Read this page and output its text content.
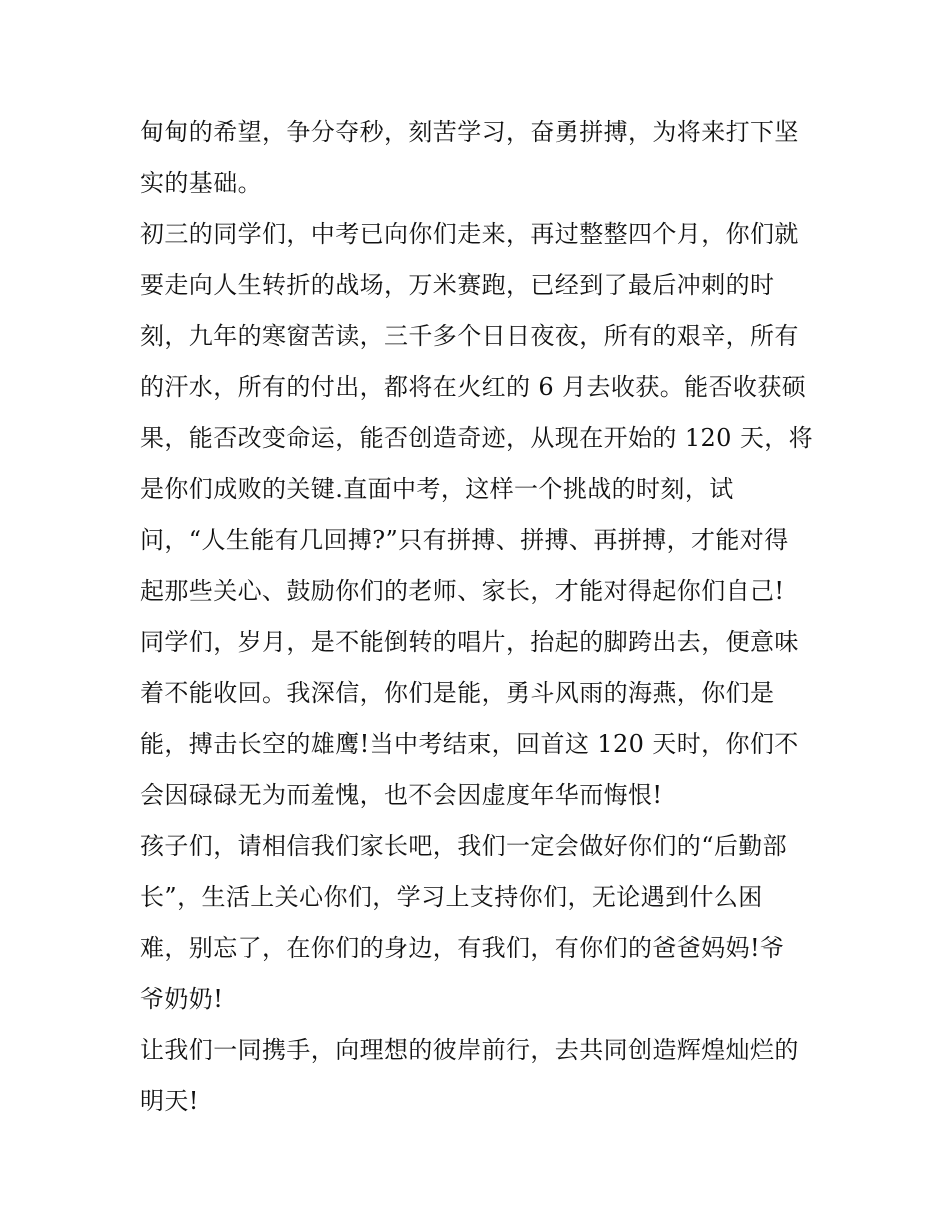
甸甸的希望，争分夺秒，刻苦学习，奋勇拼搏，为将来打下坚
实的基础。
初三的同学们，中考已向你们走来，再过整整四个月，你们就
要走向人生转折的战场，万米赛跑，已经到了最后冲刺的时
刻，九年的寒窗苦读，三千多个日日夜夜，所有的艰辛，所有
的汗水，所有的付出，都将在火红的 6 月去收获。能否收获硕
果，能否改变命运，能否创造奇迹，从现在开始的 120 天，将
是你们成败的关键.直面中考，这样一个挑战的时刻，试
问，“人生能有几回搏?”只有拼搏、拼搏、再拼搏，才能对得
起那些关心、鼓励你们的老师、家长，才能对得起你们自己!
同学们，岁月，是不能倒转的唱片，抬起的脚跨出去，便意味
着不能收回。我深信，你们是能，勇斗风雨的海燕，你们是
能，搏击长空的雄鹰!当中考结束，回首这 120 天时，你们不
会因碌碌无为而羞愧，也不会因虚度年华而悔恨!
孩子们，请相信我们家长吧，我们一定会做好你们的“后勤部
长”，生活上关心你们，学习上支持你们，无论遇到什么困
难，别忘了，在你们的身边，有我们，有你们的爸爸妈妈!爷
爷奶奶!
让我们一同携手，向理想的彼岸前行，去共同创造辉煌灿烂的
明天!
